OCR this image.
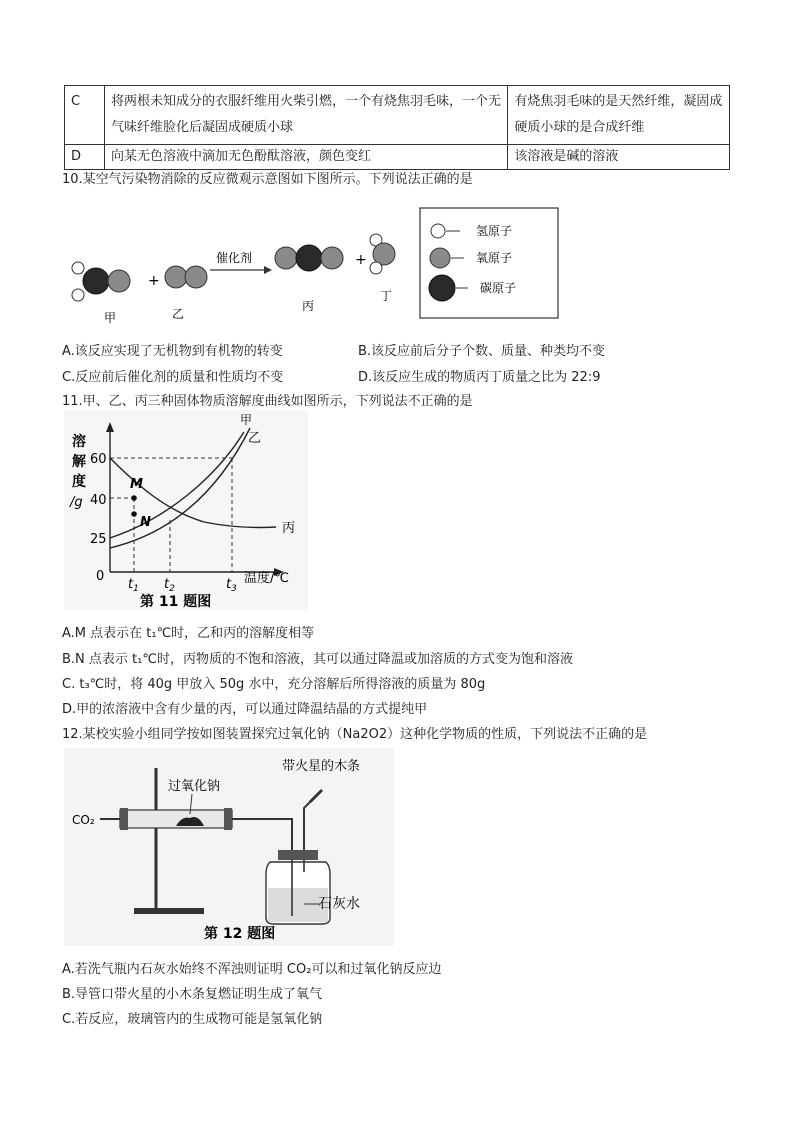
C	将两根未知成分的衣服纤维用火柴引燃，一个有烧焦羽毛味，一个无气味纤维脸化后凝固成硬质小球	有烧焦羽毛味的是天然纤维，凝固成硬质小球的是合成纤维
D	向某无色溶液中滴加无色酚酞溶液，颜色变红	该溶液是碱的溶液
10.某空气污染物消除的反应微观示意图如下图所示。下列说法正确的是
+
催化剂	+
甲	乙
丙
丁
氢原子
氧原子
碳原子
A.该反应实现了无机物到有机物的转变	B.该反应前后分子个数、质量、种类均不变
C.反应前后催化剂的质量和性质均不变	D.该反应生成的物质丙丁质量之比为 22:9
11.甲、乙、丙三种固体物质溶解度曲线如图所示，下列说法不正确的是
溶
解
度
/g
60
40
25
0
M
N
甲
乙
丙
$t_1$ $t_2$	$t_3$
温度/℃
第 11 题图
A.M 点表示在 t₁℃时，乙和丙的溶解度相等
B.N 点表示 t₁℃时，丙物质的不饱和溶液，其可以通过降温或加溶质的方式变为饱和溶液
C. t₃℃时，将 40g 甲放入 50g 水中，充分溶解后所得溶液的质量为 80g
D.甲的浓溶液中含有少量的丙，可以通过降温结晶的方式提纯甲
12.某校实验小组同学按如图装置探究过氧化钠（Na2O2）这种化学物质的性质，下列说法不正确的是
CO₂
过氧化钠
带火星的木条
石灰水
第 12 题图
A.若洗气瓶内石灰水始终不浑浊则证明 CO₂可以和过氧化钠反应边
B.导管口带火星的小木条复燃证明生成了氧气
C.若反应，玻璃管内的生成物可能是氢氧化钠
